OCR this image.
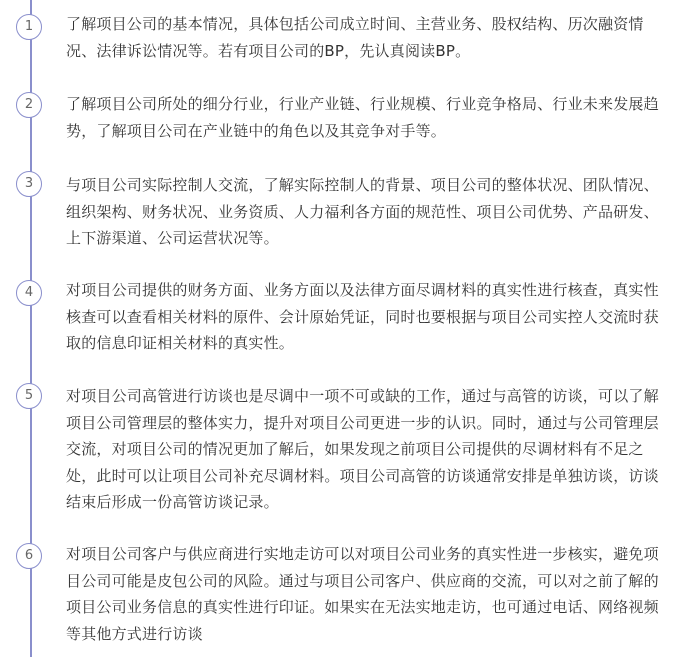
1	了解项目公司的基本情况，具体包括公司成立时间、主营业务、股权结构、历次融资情况、法律诉讼情况等。若有项目公司的BP，先认真阅读BP。

2	了解项目公司所处的细分行业，行业产业链、行业规模、行业竞争格局、行业未来发展趋势，了解项目公司在产业链中的角色以及其竞争对手等。

3	与项目公司实际控制人交流，了解实际控制人的背景、项目公司的整体状况、团队情况、组织架构、财务状况、业务资质、人力福利各方面的规范性、项目公司优势、产品研发、上下游渠道、公司运营状况等。

4	对项目公司提供的财务方面、业务方面以及法律方面尽调材料的真实性进行核查，真实性核查可以查看相关材料的原件、会计原始凭证，同时也要根据与项目公司实控人交流时获取的信息印证相关材料的真实性。

5	对项目公司高管进行访谈也是尽调中一项不可或缺的工作，通过与高管的访谈，可以了解项目公司管理层的整体实力，提升对项目公司更进一步的认识。同时，通过与公司管理层交流，对项目公司的情况更加了解后，如果发现之前项目公司提供的尽调材料有不足之处，此时可以让项目公司补充尽调材料。项目公司高管的访谈通常安排是单独访谈，访谈结束后形成一份高管访谈记录。

6	对项目公司客户与供应商进行实地走访可以对项目公司业务的真实性进一步核实，避免项目公司可能是皮包公司的风险。通过与项目公司客户、供应商的交流，可以对之前了解的项目公司业务信息的真实性进行印证。如果实在无法实地走访，也可通过电话、网络视频等其他方式进行访谈
